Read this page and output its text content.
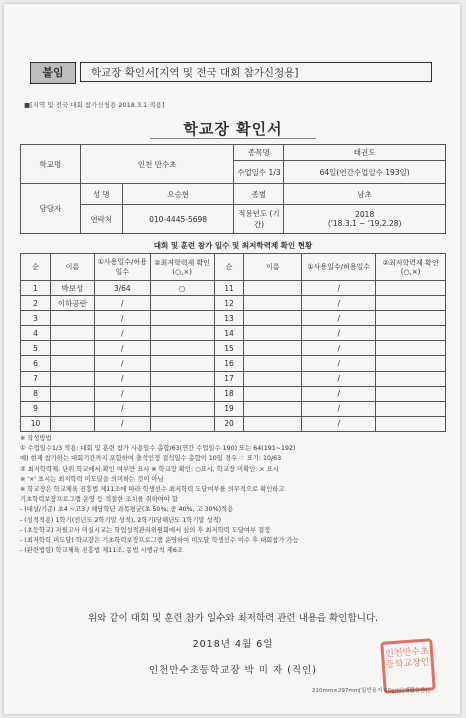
붙임	학교장 확인서[지역 및 전국 대회 참가신청용]
■[지역 및 전국 대회 참가신청용 2018.3.1 적용]
학교장 확인서
학교명	인천 만수초		종목명	태권도
			수업일수 1/3	64일(연간수업일수 193일)
담당자	성 명	오승현	종별	남초
	연락처	010-4445-5698	적용년도 (기간)	2018
('18.3.1 ~ '19.2.28)
대회 및 훈련 참가 일수 및 최저학력제 확인 현황
순	이름	①사용일수/허용일수	②최저학력제 확인(○,×)	순	이름	①사용일수/허용일수	②최저학력제 확인(○,×)
1	박보성	3/64	○	11		/	
2	이하공란	/		12		/	
3		/		13		/	
4		/		14		/	
5		/		15		/	
6		/		16		/	
7		/		17		/	
8		/		18		/	
9		/		19		/	
10		/		20		/	
※ 작성방법
① 수업일수1/3 적용: 대회 및 훈련 참가 사용일수 총합/63(연간 수업일수 190) 또는 64(191~192)
예) 현재 참가하는 대회기간까지 포함하여 출석인정 결석일수 총합이 10일 경우 ☞ 표기: 10/63
② 최저학력제: 단위 학교에서 확인 여부만 표시 ※ 학교장 확인: ○표시, 학교장 미확인: × 표시
※ '×' 표시는 최저학력 미도달을 의미하는 것이 아님
※ 학교장은 학교체육 진흥법 제11조에 따라 학생선수 최저학력 도달여부를 의무적으로 확인하고
기초학력보장프로그램 운영 등 적절한 조치를 취하여야 함
- (대상/기준) 초4 ~고3 / 해당학년 과목평균(초 50%, 중 40%, 고 30%)적용
- (성적적용) 1학기(전년도 2학기말 성적), 2학기(당해년도 1학기말 성적)
- (초등학교) 지필고사 미실시교는 학업성적관리위원회에서 심의 후 최저학력 도달여부 결정
- (최저학력 미도달) 학교장은 기초학력보장프로그램 운영하여 미도달 학생선수 이수 후 대회참가 가능
- (관련법령) 학교체육 진흥법 제11조, 동법 시행규칙 제6조
위와 같이 대회 및 훈련 참가 일수와 최저학력 관련 내용을 확인합니다.
2018년 4월 6일
인천만수초등학교장 박 미 자 (직인)
인천만수초등학교장인
210mm×297mm[일반용지 60g/㎡(재활용품)]
